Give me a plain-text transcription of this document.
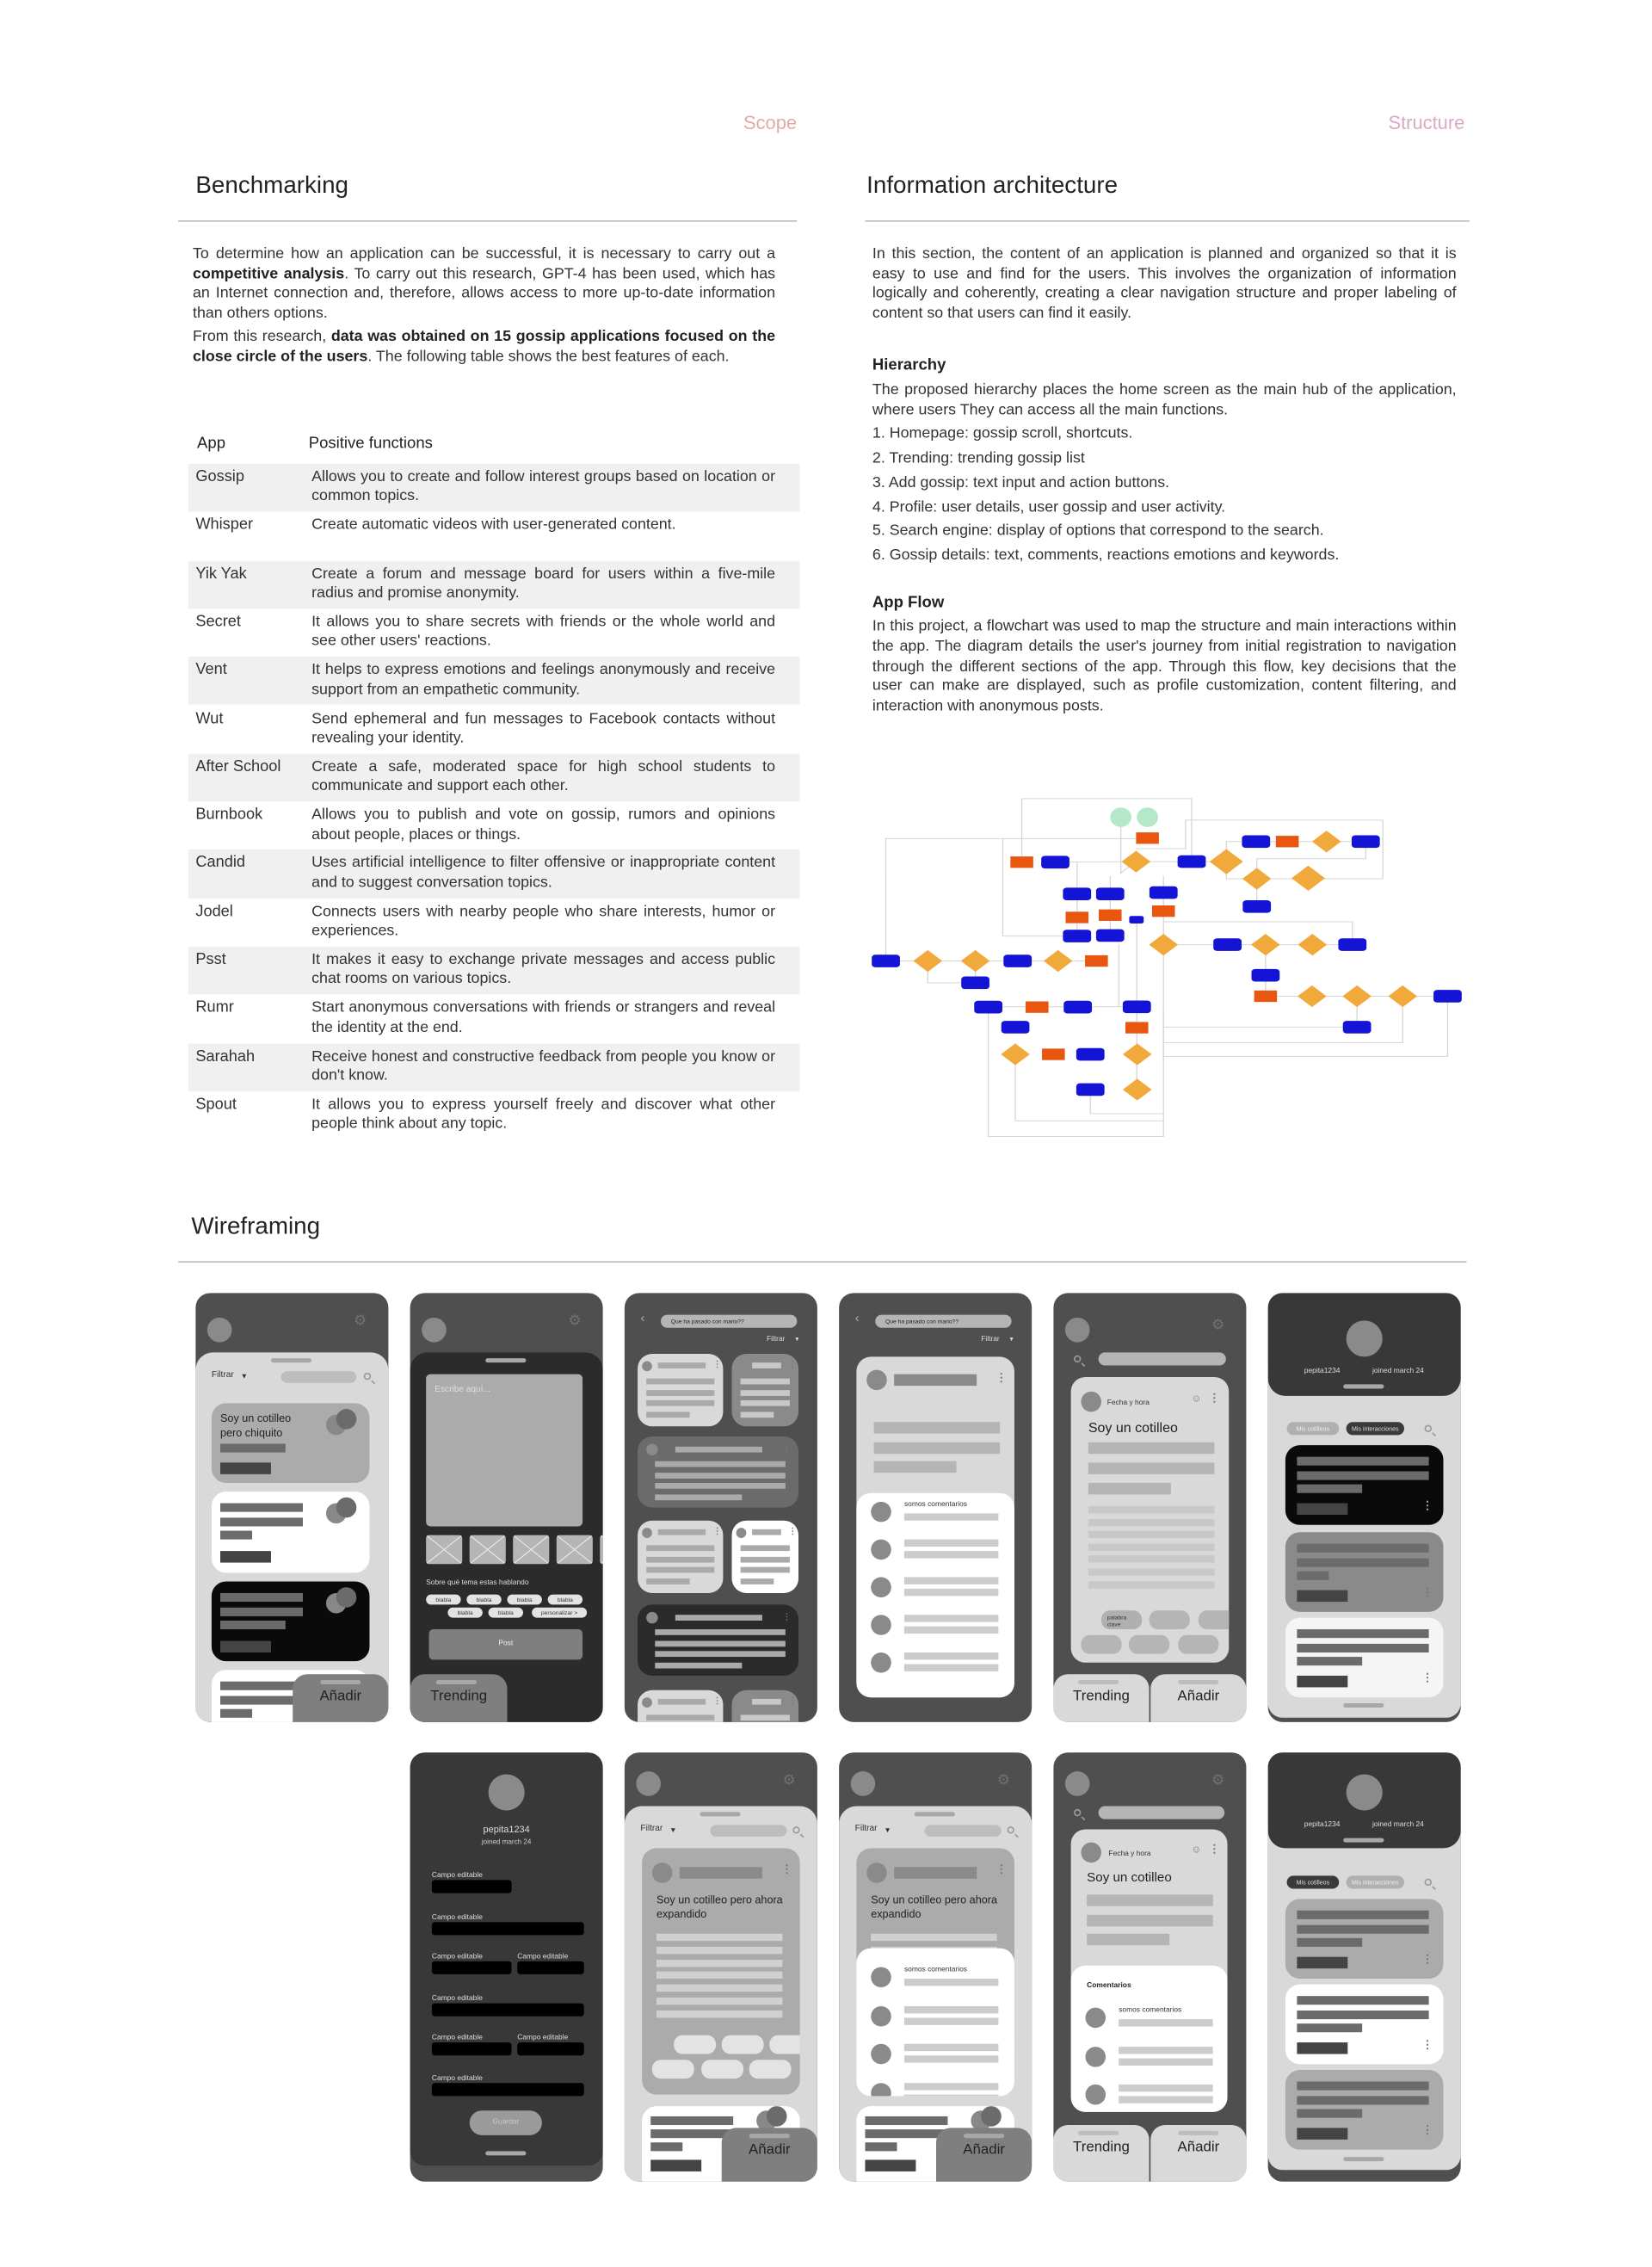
Scope	Structure
Benchmarking

To determine how an application can be successful, it is necessary to carry out a competitive analysis. To carry out this research, GPT-4 has been used, which has an Internet connection and, therefore, allows access to more up-to-date information than others options.

From this research, data was obtained on 15 gossip applications focused on the close circle of the users. The following table shows the best features of each.

App	Positive functions
Gossip	Allows you to create and follow interest groups based on location or common topics.
Whisper	Create automatic videos with user-generated content.
Yik Yak	Create a forum and message board for users within a five-mile radius and promise anonymity.
Secret	It allows you to share secrets with friends or the whole world and see other users' reactions.
Vent	It helps to express emotions and feelings anonymously and receive support from an empathetic community.
Wut	Send ephemeral and fun messages to Facebook contacts without revealing your identity.
After School	Create a safe, moderated space for high school students to communicate and support each other.
Burnbook	Allows you to publish and vote on gossip, rumors and opinions about people, places or things.
Candid	Uses artificial intelligence to filter offensive or inappropriate content and to suggest conversation topics.
Jodel	Connects users with nearby people who share interests, humor or experiences.
Psst	It makes it easy to exchange private messages and access public chat rooms on various topics.
Rumr	Start anonymous conversations with friends or strangers and reveal the identity at the end.
Sarahah	Receive honest and constructive feedback from people you know or don't know.
Spout	It allows you to express yourself freely and discover what other people think about any topic.
Information architecture

In this section, the content of an application is planned and organized so that it is easy to use and find for the users. This involves the organization of information logically and coherently, creating a clear navigation structure and proper labeling of content so that users can find it easily.

Hierarchy

The proposed hierarchy places the home screen as the main hub of the application, where users They can access all the main functions.

1. Homepage: gossip scroll, shortcuts.
2. Trending: trending gossip list
3. Add gossip: text input and action buttons.
4. Profile: user details, user gossip and user activity.
5. Search engine: display of options that correspond to the search.
6. Gossip details: text, comments, reactions emotions and keywords.

App Flow

In this project, a flowchart was used to map the structure and main interactions within the app. The diagram details the user's journey from initial registration to navigation through the different sections of the app. Through this flow, key decisions that the user can make are displayed, such as profile customization, content filtering, and interaction with anonymous posts.

Wireframing
⚙
Filtrar ▼
Soy un cotilleo pero chiquito
Añadir
⚙
Escribe aquí...
Sobre qué tema estas hablando
blabla	blabla	blabla	blabla
blabla	blabla	personalizar >
Post
Trending
‹	Que ha pasado con mario??
Filtrar	▼
⋮	⋮
⋮
⋮	⋮
⋮
⋮	⋮
‹	Que ha pasado con mario??
Filtrar	▼
⋮
somos comentarios
⚙
Fecha y hora	☺ ⋮
Soy un cotilleo
palabra clave
Trending	Añadir
pepita1234	joined march 24
Mis cotilleos	Mis interacciones
⋮
⋮
⋮
pepita1234
joined march 24
Guardar
Campo editable
Campo editable
Campo editable	Campo editable
Campo editable
Campo editable	Campo editable
Campo editable
⚙
Filtrar ▼
⋮
Soy un cotilleo pero ahora expandido
Añadir
⚙
Filtrar ▼
⋮
Soy un cotilleo pero ahora expandido
somos comentarios
Añadir
⚙
Fecha y hora	☺ ⋮
Soy un cotilleo
Comentarios
somos comentarios
Trending	Añadir
pepita1234	joined march 24
Mis cotilleos	Mis interacciones
⋮
⋮
⋮
